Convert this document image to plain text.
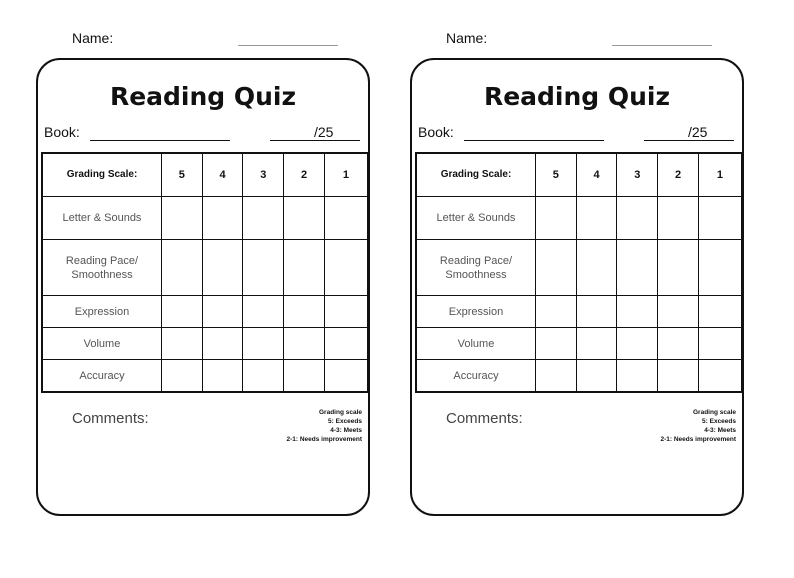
Name:
Reading Quiz
Book:	/25
Grading Scale:	5	4	3	2	1
Letter & Sounds					
Reading Pace/ Smoothness					
Expression					
Volume					
Accuracy					
Comments:	Grading scale
5: Exceeds
4-3: Meets
2-1: Needs improvement
Name:
Reading Quiz
Book:	/25
Grading Scale:	5	4	3	2	1
Letter & Sounds					
Reading Pace/ Smoothness					
Expression					
Volume					
Accuracy					
Comments:	Grading scale
5: Exceeds
4-3: Meets
2-1: Needs improvement
